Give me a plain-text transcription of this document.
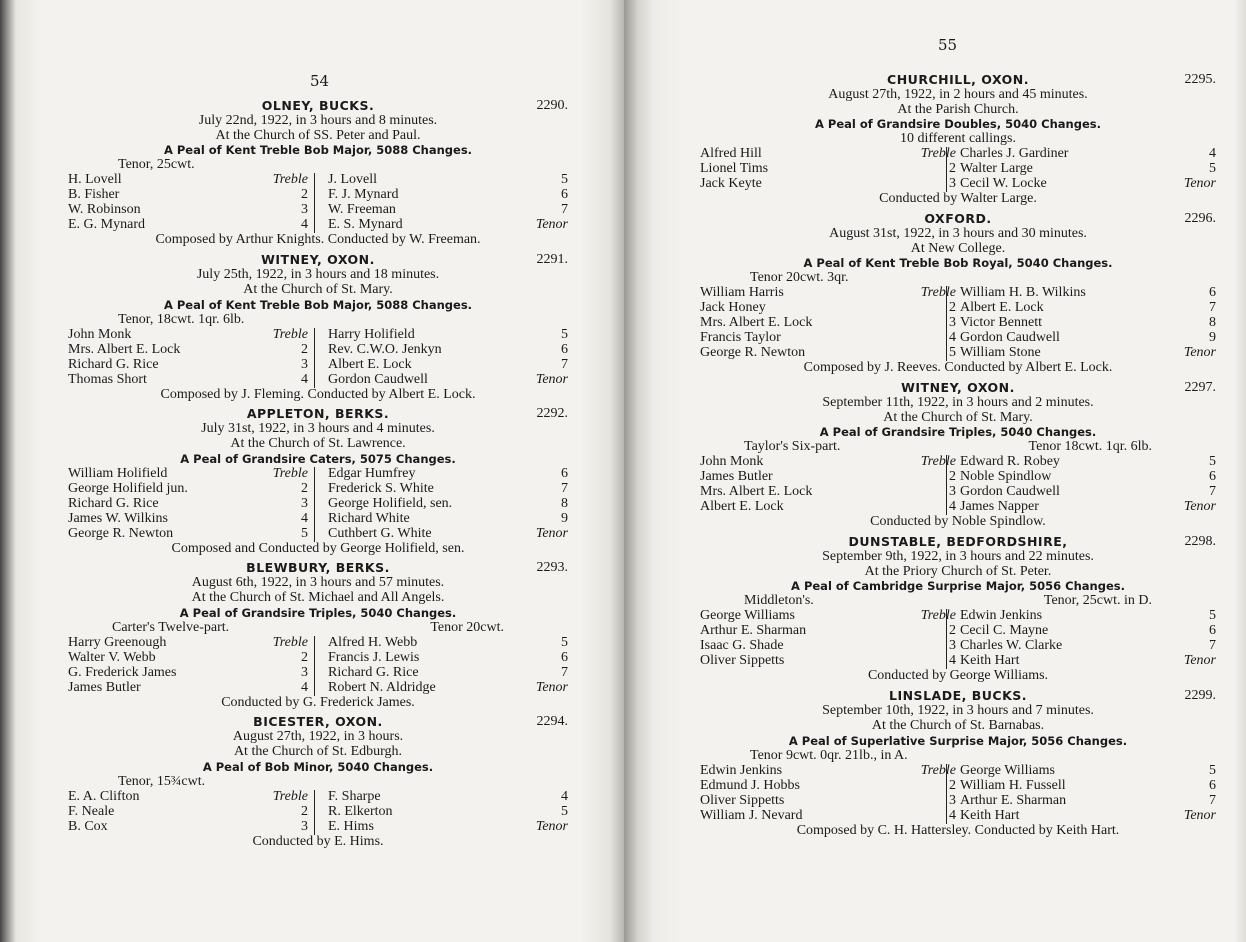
54
OLNEY, BUCKS.	2290.
July 22nd, 1922, in 3 hours and 8 minutes.
At the Church of SS. Peter and Paul.
A Peal of Kent Treble Bob Major, 5088 Changes.
Tenor, 25cwt.
H. Lovell	Treble J. Lovell	5
B. Fisher	2 F. J. Mynard	6
W. Robinson	3 W. Freeman	7
E. G. Mynard	4 E. S. Mynard	Tenor
Composed by Arthur Knights. Conducted by W. Freeman.
WITNEY, OXON.	2291.
July 25th, 1922, in 3 hours and 18 minutes.
At the Church of St. Mary.
A Peal of Kent Treble Bob Major, 5088 Changes.
Tenor, 18cwt. 1qr. 6lb.
John Monk	Treble Harry Holifield	5
Mrs. Albert E. Lock	2 Rev. C.W.O. Jenkyn	6
Richard G. Rice	3 Albert E. Lock	7
Thomas Short	4 Gordon Caudwell	Tenor
Composed by J. Fleming. Conducted by Albert E. Lock.
APPLETON, BERKS.	2292.
July 31st, 1922, in 3 hours and 4 minutes.
At the Church of St. Lawrence.
A Peal of Grandsire Caters, 5075 Changes.
William Holifield	Treble Edgar Humfrey	6
George Holifield jun.	2 Frederick S. White	7
Richard G. Rice	3 George Holifield, sen.	8
James W. Wilkins	4 Richard White	9
George R. Newton	5 Cuthbert G. White	Tenor
Composed and Conducted by George Holifield, sen.
BLEWBURY, BERKS.	2293.
August 6th, 1922, in 3 hours and 57 minutes.
At the Church of St. Michael and All Angels.
A Peal of Grandsire Triples, 5040 Changes.
Carter's Twelve-part.	Tenor 20cwt.
Harry Greenough	Treble Alfred H. Webb	5
Walter V. Webb	2 Francis J. Lewis	6
G. Frederick James	3 Richard G. Rice	7
James Butler	4 Robert N. Aldridge	Tenor
Conducted by G. Frederick James.
BICESTER, OXON.	2294.
August 27th, 1922, in 3 hours.
At the Church of St. Edburgh.
A Peal of Bob Minor, 5040 Changes.
Tenor, 15¾cwt.
E. A. Clifton	Treble F. Sharpe	4
F. Neale	2 R. Elkerton	5
B. Cox	3 E. Hims	Tenor
Conducted by E. Hims.
55
CHURCHILL, OXON.	2295.
August 27th, 1922, in 2 hours and 45 minutes.
At the Parish Church.
A Peal of Grandsire Doubles, 5040 Changes.
10 different callings.
Alfred Hill	Treble Charles J. Gardiner	4
Lionel Tims	2 Walter Large	5
Jack Keyte	3 Cecil W. Locke	Tenor
Conducted by Walter Large.
OXFORD.	2296.
August 31st, 1922, in 3 hours and 30 minutes.
At New College.
A Peal of Kent Treble Bob Royal, 5040 Changes.
Tenor 20cwt. 3qr.
William Harris	Treble William H. B. Wilkins	6
Jack Honey	2 Albert E. Lock	7
Mrs. Albert E. Lock	3 Victor Bennett	8
Francis Taylor	4 Gordon Caudwell	9
George R. Newton	5 William Stone	Tenor
Composed by J. Reeves. Conducted by Albert E. Lock.
WITNEY, OXON.	2297.
September 11th, 1922, in 3 hours and 2 minutes.
At the Church of St. Mary.
A Peal of Grandsire Triples, 5040 Changes.
Taylor's Six-part.	Tenor 18cwt. 1qr. 6lb.
John Monk	Treble Edward R. Robey	5
James Butler	2 Noble Spindlow	6
Mrs. Albert E. Lock	3 Gordon Caudwell	7
Albert E. Lock	4 James Napper	Tenor
Conducted by Noble Spindlow.
DUNSTABLE, BEDFORDSHIRE,	2298.
September 9th, 1922, in 3 hours and 22 minutes.
At the Priory Church of St. Peter.
A Peal of Cambridge Surprise Major, 5056 Changes.
Middleton's.	Tenor, 25cwt. in D.
George Williams	Treble Edwin Jenkins	5
Arthur E. Sharman	2 Cecil C. Mayne	6
Isaac G. Shade	3 Charles W. Clarke	7
Oliver Sippetts	4 Keith Hart	Tenor
Conducted by George Williams.
LINSLADE, BUCKS.	2299.
September 10th, 1922, in 3 hours and 7 minutes.
At the Church of St. Barnabas.
A Peal of Superlative Surprise Major, 5056 Changes.
Tenor 9cwt. 0qr. 21lb., in A.
Edwin Jenkins	Treble George Williams	5
Edmund J. Hobbs	2 William H. Fussell	6
Oliver Sippetts	3 Arthur E. Sharman	7
William J. Nevard	4 Keith Hart	Tenor
Composed by C. H. Hattersley. Conducted by Keith Hart.
